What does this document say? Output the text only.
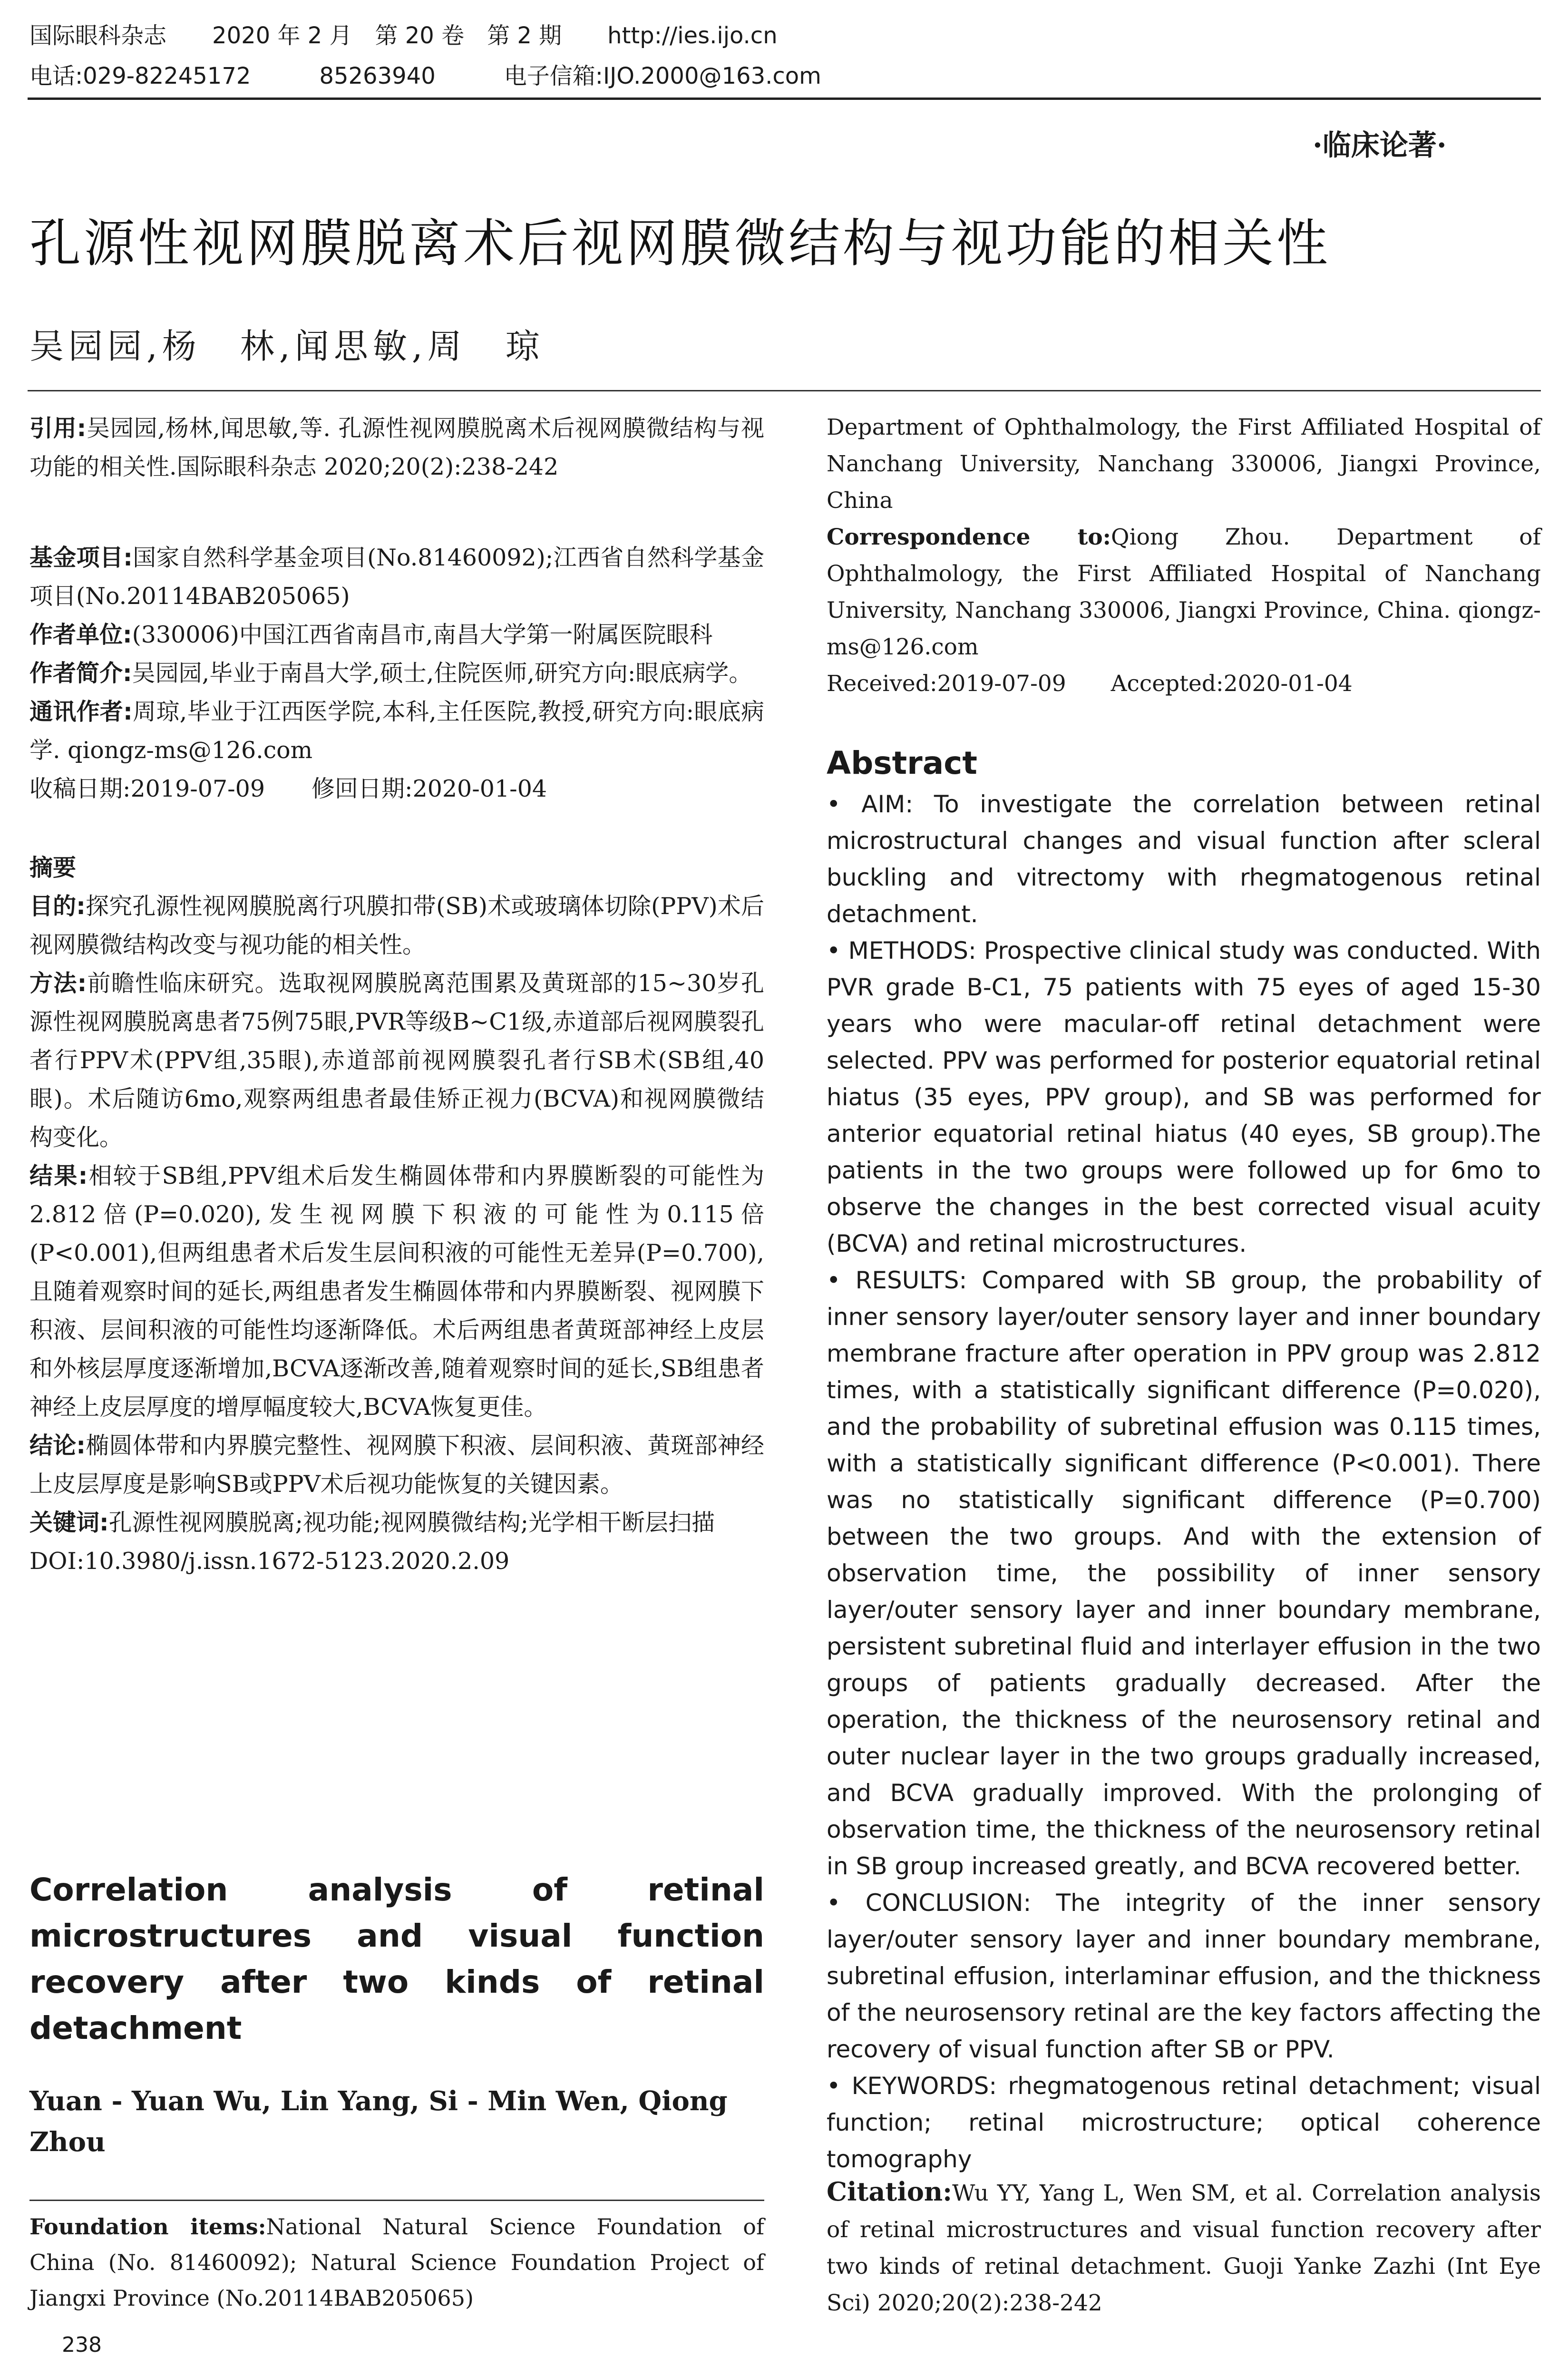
国际眼科杂志　　 2020 年 2 月　第 20 卷　第 2 期　　 http://ies.ijo.cn
电话:029-82245172　　　85263940　　　	电子信箱:IJO.2000@163.com
·临床论著·
孔源性视网膜脱离术后视网膜微结构与视功能的相关性
吴园园,杨　林,闻思敏,周　琼

引用:吴园园,杨林,闻思敏,等. 孔源性视网膜脱离术后视网膜微结构与视功能的相关性.国际眼科杂志 2020;20(2):238-242

基金项目:国家自然科学基金项目(No.81460092);江西省自然科学基金项目(No.20114BAB205065)

作者单位:(330006)中国江西省南昌市,南昌大学第一附属医院眼科

作者简介:吴园园,毕业于南昌大学,硕士,住院医师,研究方向:眼底病学。

通讯作者:周琼,毕业于江西医学院,本科,主任医院,教授,研究方向:眼底病学. qiongz-ms@126.com

收稿日期:2019-07-09　　修回日期:2020-01-04

摘要

目的:探究孔源性视网膜脱离行巩膜扣带(SB)术或玻璃体切除(PPV)术后视网膜微结构改变与视功能的相关性。

方法:前瞻性临床研究。选取视网膜脱离范围累及黄斑部的15~30岁孔源性视网膜脱离患者75例75眼,PVR等级B~C1级,赤道部后视网膜裂孔者行PPV术(PPV组,35眼),赤道部前视网膜裂孔者行SB术(SB组,40眼)。术后随访6mo,观察两组患者最佳矫正视力(BCVA)和视网膜微结构变化。

结果:相较于SB组,PPV组术后发生椭圆体带和内界膜断裂的可能性为2.812倍(P=0.020),发生视网膜下积液的可能性为0.115倍(P<0.001),但两组患者术后发生层间积液的可能性无差异(P=0.700),且随着观察时间的延长,两组患者发生椭圆体带和内界膜断裂、视网膜下积液、层间积液的可能性均逐渐降低。术后两组患者黄斑部神经上皮层和外核层厚度逐渐增加,BCVA逐渐改善,随着观察时间的延长,SB组患者神经上皮层厚度的增厚幅度较大,BCVA恢复更佳。

结论:椭圆体带和内界膜完整性、视网膜下积液、层间积液、黄斑部神经上皮层厚度是影响SB或PPV术后视功能恢复的关键因素。

关键词:孔源性视网膜脱离;视功能;视网膜微结构;光学相干断层扫描

DOI:10.3980/j.issn.1672-5123.2020.2.09

Correlation analysis of retinal microstructures and visual function recovery after two kinds of retinal detachment
Yuan - Yuan Wu, Lin Yang, Si - Min Wen, Qiong Zhou

Foundation items:National Natural Science Foundation of China (No. 81460092); Natural Science Foundation Project of Jiangxi Province (No.20114BAB205065)

238

Department of Ophthalmology, the First Affiliated Hospital of Nanchang University, Nanchang 330006, Jiangxi Province, China

Correspondence to:Qiong Zhou. Department of Ophthalmology, the First Affiliated Hospital of Nanchang University, Nanchang 330006, Jiangxi Province, China. qiongz-ms@126.com

Received:2019-07-09　　Accepted:2020-01-04

Abstract

• AIM: To investigate the correlation between retinal microstructural changes and visual function after scleral buckling and vitrectomy with rhegmatogenous retinal detachment.

• METHODS: Prospective clinical study was conducted. With PVR grade B-C1, 75 patients with 75 eyes of aged 15-30 years who were macular-off retinal detachment were selected. PPV was performed for posterior equatorial retinal hiatus (35 eyes, PPV group), and SB was performed for anterior equatorial retinal hiatus (40 eyes, SB group).The patients in the two groups were followed up for 6mo to observe the changes in the best corrected visual acuity (BCVA) and retinal microstructures.

• RESULTS: Compared with SB group, the probability of inner sensory layer/outer sensory layer and inner boundary membrane fracture after operation in PPV group was 2.812 times, with a statistically significant difference (P=0.020), and the probability of subretinal effusion was 0.115 times, with a statistically significant difference (P<0.001). There was no statistically significant difference (P=0.700) between the two groups. And with the extension of observation time, the possibility of inner sensory layer/outer sensory layer and inner boundary membrane, persistent subretinal fluid and interlayer effusion in the two groups of patients gradually decreased. After the operation, the thickness of the neurosensory retinal and outer nuclear layer in the two groups gradually increased, and BCVA gradually improved. With the prolonging of observation time, the thickness of the neurosensory retinal in SB group increased greatly, and BCVA recovered better.

• CONCLUSION: The integrity of the inner sensory layer/outer sensory layer and inner boundary membrane, subretinal effusion, interlaminar effusion, and the thickness of the neurosensory retinal are the key factors affecting the recovery of visual function after SB or PPV.

• KEYWORDS: rhegmatogenous retinal detachment; visual function; retinal microstructure; optical coherence tomography

Citation:Wu YY, Yang L, Wen SM, et al. Correlation analysis of retinal microstructures and visual function recovery after two kinds of retinal detachment. Guoji Yanke Zazhi (Int Eye Sci) 2020;20(2):238-242
